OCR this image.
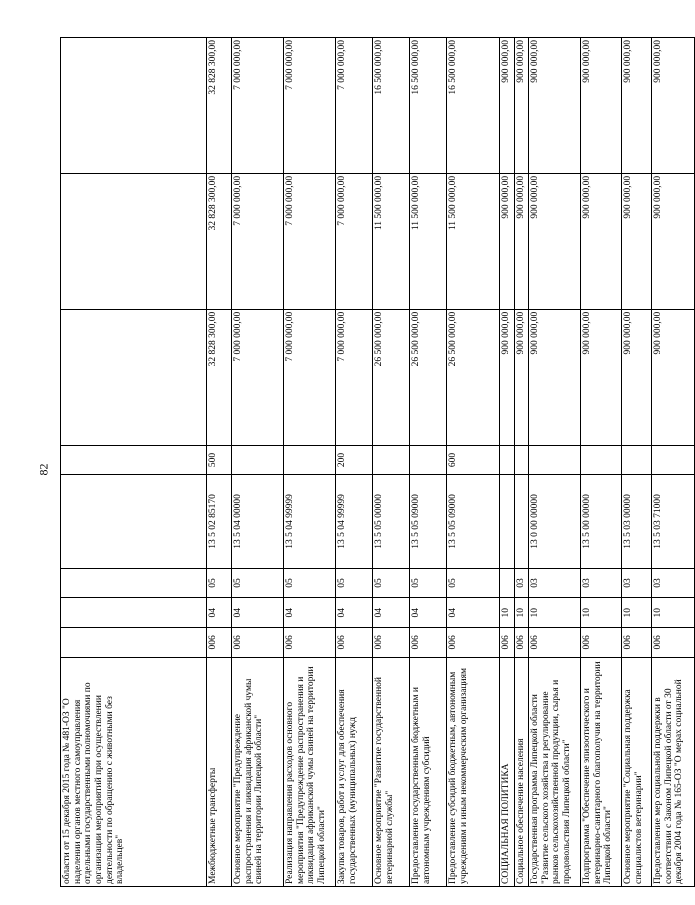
82
области от 15 декабря 2015 года № 481-ОЗ "О наделении органов местного самоуправления отдельными государственными полномочиями по организации мероприятий при осуществлении деятельности по обращению с животными без владельцев"								
Межбюджетные трансферты	006	04	05	13 5 02 85170	500	32 828 300,00	32 828 300,00	32 828 300,00
Основное мероприятие "Предупреждение распространения и ликвидация африканской чумы свиней на территории Липецкой области"	006	04	05	13 5 04 00000		7 000 000,00	7 000 000,00	7 000 000,00
Реализация направления расходов основного мероприятия "Предупреждение распространения и ликвидация африканской чумы свиней на территории Липецкой области"	006	04	05	13 5 04 99999		7 000 000,00	7 000 000,00	7 000 000,00
Закупка товаров, работ и услуг для обеспечения государственных (муниципальных) нужд	006	04	05	13 5 04 99999	200	7 000 000,00	7 000 000,00	7 000 000,00
Основное мероприятие "Развитие государственной ветеринарной службы"	006	04	05	13 5 05 00000		26 500 000,00	11 500 000,00	16 500 000,00
Предоставление государственным бюджетным и автономным учреждениям субсидий	006	04	05	13 5 05 09000		26 500 000,00	11 500 000,00	16 500 000,00
Предоставление субсидий бюджетным, автономным учреждениям и иным некоммерческим организациям	006	04	05	13 5 05 09000	600	26 500 000,00	11 500 000,00	16 500 000,00
СОЦИАЛЬНАЯ ПОЛИТИКА	006	10				900 000,00	900 000,00	900 000,00
Социальное обеспечение населения	006	10	03			900 000,00	900 000,00	900 000,00
Государственная программа Липецкой области "Развитие сельского хозяйства и регулирование рынков сельскохозяйственной продукции, сырья и продовольствия Липецкой области"	006	10	03	13 0 00 00000		900 000,00	900 000,00	900 000,00
Подпрограмма "Обеспечение эпизоотического и ветеринарно-санитарного благополучия на территории Липецкой области"	006	10	03	13 5 00 00000		900 000,00	900 000,00	900 000,00
Основное мероприятие "Социальная поддержка специалистов ветеринарии"	006	10	03	13 5 03 00000		900 000,00	900 000,00	900 000,00
Предоставление мер социальной поддержки в соответствии с Законом Липецкой области от 30 декабря 2004 года № 165-ОЗ "О мерах социальной	006	10	03	13 5 03 71000		900 000,00	900 000,00	900 000,00
